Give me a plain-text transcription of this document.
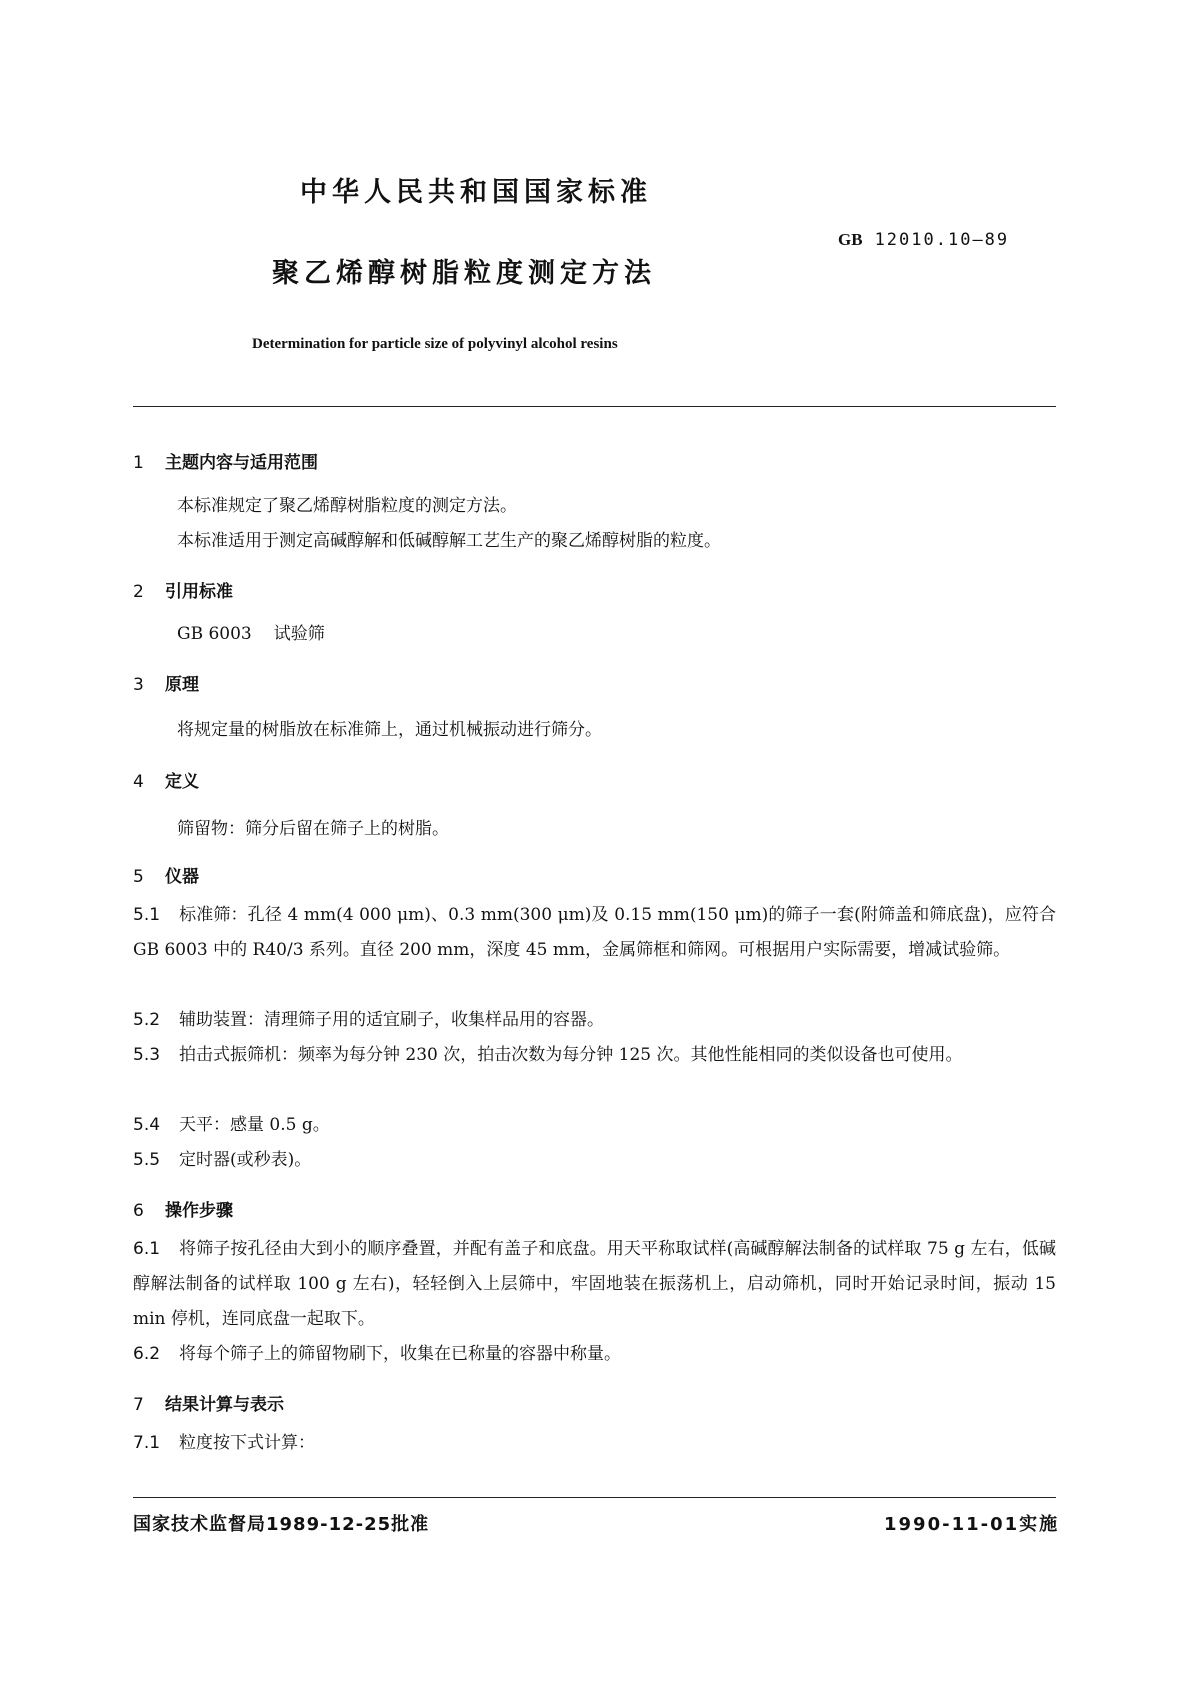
中华人民共和国国家标准
GB 12010.10—89
聚乙烯醇树脂粒度测定方法
Determination for particle size of polyvinyl alcohol resins
1 主题内容与适用范围
本标准规定了聚乙烯醇树脂粒度的测定方法。
本标准适用于测定高碱醇解和低碱醇解工艺生产的聚乙烯醇树脂的粒度。
2 引用标准
GB 6003 试验筛
3 原理
将规定量的树脂放在标准筛上，通过机械振动进行筛分。
4 定义
筛留物：筛分后留在筛子上的树脂。
5 仪器
5.1 标准筛：孔径 4 mm(4 000 μm)、0.3 mm(300 μm)及 0.15 mm(150 μm)的筛子一套(附筛盖和筛底盘)，应符合 GB 6003 中的 R40/3 系列。直径 200 mm，深度 45 mm，金属筛框和筛网。可根据用户实际需要，增减试验筛。
5.2 辅助装置：清理筛子用的适宜刷子，收集样品用的容器。
5.3 拍击式振筛机：频率为每分钟 230 次，拍击次数为每分钟 125 次。其他性能相同的类似设备也可使用。
5.4 天平：感量 0.5 g。
5.5 定时器(或秒表)。
6 操作步骤
6.1 将筛子按孔径由大到小的顺序叠置，并配有盖子和底盘。用天平称取试样(高碱醇解法制备的试样取 75 g 左右，低碱醇解法制备的试样取 100 g 左右)，轻轻倒入上层筛中，牢固地装在振荡机上，启动筛机，同时开始记录时间，振动 15 min 停机，连同底盘一起取下。
6.2 将每个筛子上的筛留物刷下，收集在已称量的容器中称量。
7 结果计算与表示
7.1 粒度按下式计算：
国家技术监督局1989-12-25批准	1990-11-01实施
